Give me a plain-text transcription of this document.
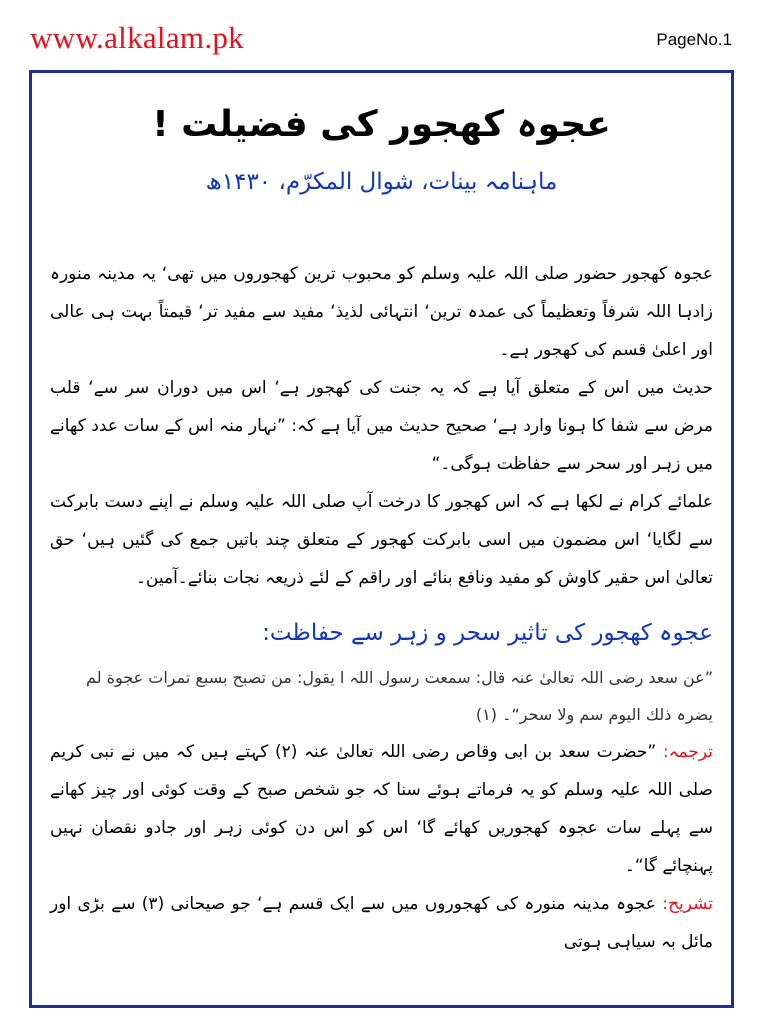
www.alkalam.pk	PageNo.1
عجوہ کھجور کی فضیلت !
ماہنامہ بینات، شوال المکرّم، ۱۴۳۰ھ

عجوہ کھجور حضور صلی اللہ علیہ وسلم کو محبوب ترین کھجوروں میں تھی‘ یہ مدینہ منورہ زادہا اللہ شرفاً وتعظیماً کی عمدہ ترین‘ انتہائی لذیذ‘ مفید سے مفید تر‘ قیمتاً بہت ہی عالی اور اعلیٰ قسم کی کھجور ہے۔

حدیث میں اس کے متعلق آیا ہے کہ یہ جنت کی کھجور ہے‘ اس میں دوران سر سے‘ قلب مرض سے شفا کا ہونا وارد ہے‘ صحیح حدیث میں آیا ہے کہ: ”نہار منہ اس کے سات عدد کھانے میں زہر اور سحر سے حفاظت ہوگی۔“

علمائے کرام نے لکھا ہے کہ اس کھجور کا درخت آپ صلی اللہ علیہ وسلم نے اپنے دست بابرکت سے لگایا‘ اس مضمون میں اسی بابرکت کھجور کے متعلق چند باتیں جمع کی گئیں ہیں‘ حق تعالیٰ اس حقیر کاوش کو مفید ونافع بنائے اور راقم کے لئے ذریعہ نجات بنائے۔آمین۔

عجوہ کھجور کی تاثیر سحر و زہر سے حفاظت:

”عن سعد رضی اللہ تعالیٰ عنہ قال: سمعت رسول اللہ ا یقول: من تصبح بسبع تمرات عجوة لم یضرہ ذلك الیوم سم ولا سحر“۔ (۱)

ترجمہ: ”حضرت سعد بن ابی وقاص رضی اللہ تعالیٰ عنہ (۲) کہتے ہیں کہ میں نے نبی کریم صلی اللہ علیہ وسلم کو یہ فرماتے ہوئے سنا کہ جو شخص صبح کے وقت کوئی اور چیز کھانے سے پہلے سات عجوہ کھجوریں کھائے گا‘ اس کو اس دن کوئی زہر اور جادو نقصان نہیں پہنچائے گا“۔

تشریح: عجوہ مدینہ منورہ کی کھجوروں میں سے ایک قسم ہے‘ جو صیحانی (۳) سے بڑی اور مائل بہ سیاہی ہوتی
